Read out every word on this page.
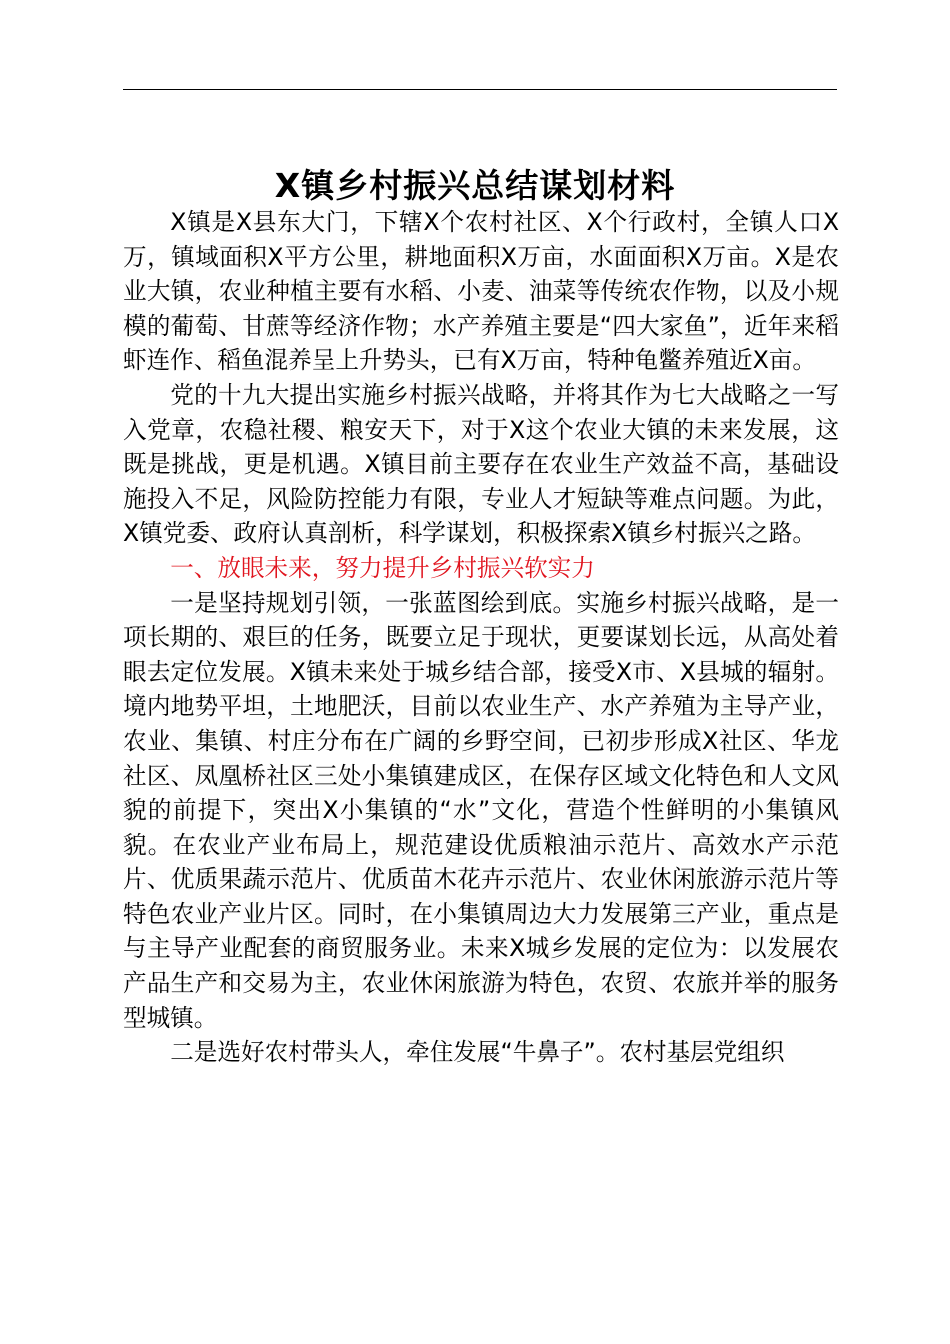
X镇乡村振兴总结谋划材料

X镇是X县东大门，下辖X个农村社区、X个行政村，全镇人口X万，镇域面积X平方公里，耕地面积X万亩，水面面积X万亩。X是农业大镇，农业种植主要有水稻、小麦、油菜等传统农作物，以及小规模的葡萄、甘蔗等经济作物；水产养殖主要是“四大家鱼”，近年来稻虾连作、稻鱼混养呈上升势头，已有X万亩，特种龟鳖养殖近X亩。

党的十九大提出实施乡村振兴战略，并将其作为七大战略之一写入党章，农稳社稷、粮安天下，对于X这个农业大镇的未来发展，这既是挑战，更是机遇。X镇目前主要存在农业生产效益不高，基础设施投入不足，风险防控能力有限，专业人才短缺等难点问题。为此，X镇党委、政府认真剖析，科学谋划，积极探索X镇乡村振兴之路。

一、放眼未来，努力提升乡村振兴软实力

一是坚持规划引领，一张蓝图绘到底。实施乡村振兴战略，是一项长期的、艰巨的任务，既要立足于现状，更要谋划长远，从高处着眼去定位发展。X镇未来处于城乡结合部，接受X市、X县城的辐射。境内地势平坦，土地肥沃，目前以农业生产、水产养殖为主导产业，农业、集镇、村庄分布在广阔的乡野空间，已初步形成X社区、华龙社区、凤凰桥社区三处小集镇建成区，在保存区域文化特色和人文风貌的前提下，突出X小集镇的“水”文化，营造个性鲜明的小集镇风貌。在农业产业布局上，规范建设优质粮油示范片、高效水产示范片、优质果蔬示范片、优质苗木花卉示范片、农业休闲旅游示范片等特色农业产业片区。同时，在小集镇周边大力发展第三产业，重点是与主导产业配套的商贸服务业。未来X城乡发展的定位为：以发展农产品生产和交易为主，农业休闲旅游为特色，农贸、农旅并举的服务型城镇。

二是选好农村带头人，牵住发展“牛鼻子”。农村基层党组织
